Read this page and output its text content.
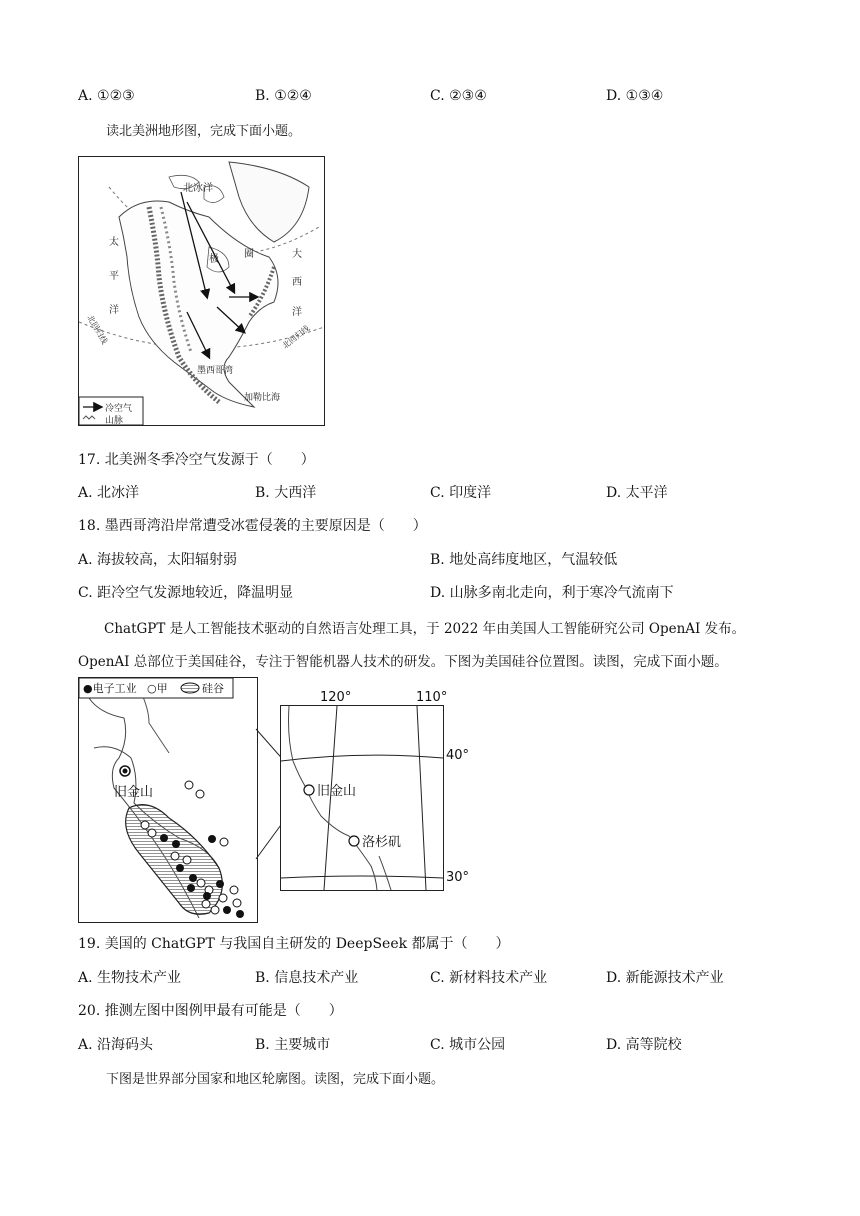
A. ①②③	B. ①②④	C. ②③④	D. ①③④
读北美洲地形图，完成下面小题。
北冰洋
太
平
洋
大
西
洋
极	圈
北回归线	北回归线
墨西哥湾
加勒比海
冷空气
山脉
17. 北美洲冬季冷空气发源于（　　）
A. 北冰洋	B. 大西洋	C. 印度洋	D. 太平洋
18. 墨西哥湾沿岸常遭受冰雹侵袭的主要原因是（　　）
A. 海拔较高，太阳辐射弱	B. 地处高纬度地区，气温较低
C. 距冷空气发源地较近，降温明显	D. 山脉多南北走向，利于寒冷气流南下
ChatGPT 是人工智能技术驱动的自然语言处理工具，于 2022 年由美国人工智能研究公司 OpenAI 发布。
OpenAI 总部位于美国硅谷，专注于智能机器人技术的研发。下图为美国硅谷位置图。读图，完成下面小题。
旧金山
●电子工业 ○甲	硅谷
旧金山
洛杉矶
120°	110°
40°
30°
19. 美国的 ChatGPT 与我国自主研发的 DeepSeek 都属于（　　）
A. 生物技术产业	B. 信息技术产业	C. 新材料技术产业	D. 新能源技术产业
20. 推测左图中图例甲最有可能是（　　）
A. 沿海码头	B. 主要城市	C. 城市公园	D. 高等院校
下图是世界部分国家和地区轮廓图。读图，完成下面小题。
